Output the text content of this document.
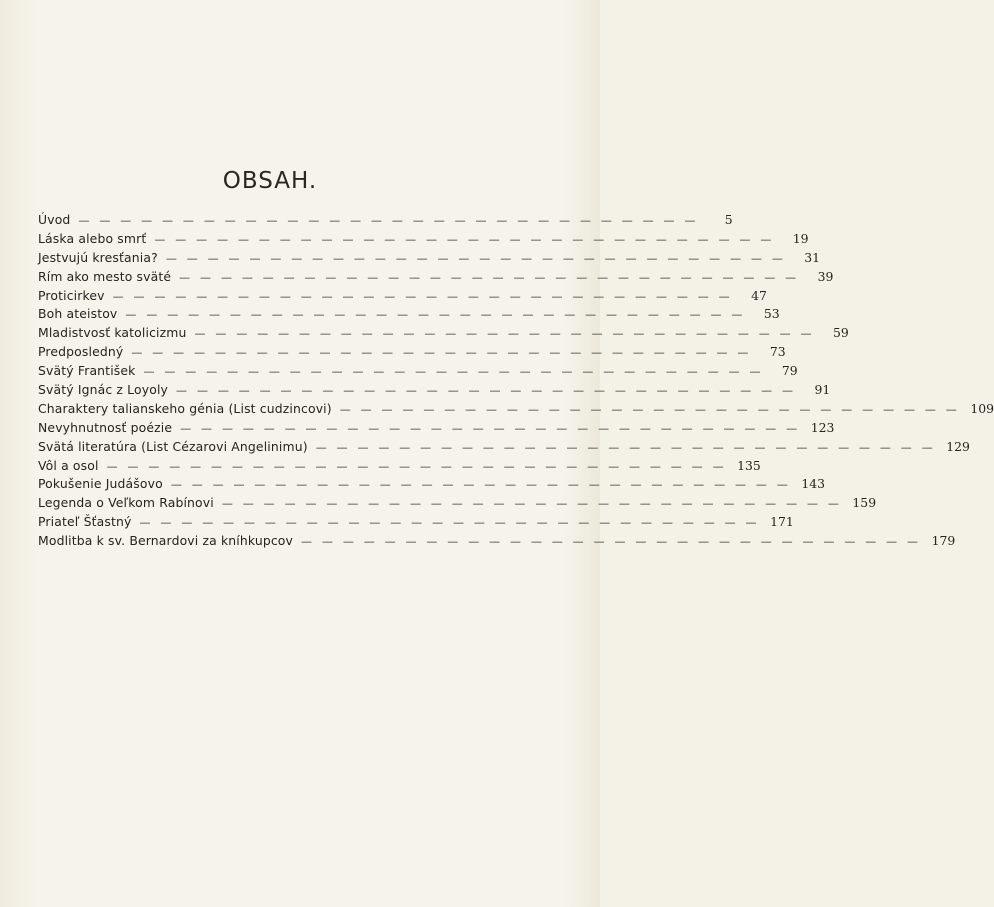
OBSAH.
Úvod — — — — — — — — — — — — — — — — — — — — — — — — — — — — — —	5
Láska alebo smrť — — — — — — — — — — — — — — — — — — — — — — — — — — — — — —	19
Jestvujú kresťania? — — — — — — — — — — — — — — — — — — — — — — — — — — — — — —	31
Rím ako mesto sväté — — — — — — — — — — — — — — — — — — — — — — — — — — — — — —	39
Proticirkev — — — — — — — — — — — — — — — — — — — — — — — — — — — — — —	47
Boh ateistov — — — — — — — — — — — — — — — — — — — — — — — — — — — — — —	53
Mladistvosť katolicizmu — — — — — — — — — — — — — — — — — — — — — — — — — — — — — —	59
Predposledný — — — — — — — — — — — — — — — — — — — — — — — — — — — — — —	73
Svätý František — — — — — — — — — — — — — — — — — — — — — — — — — — — — — —	79
Svätý Ignác z Loyoly — — — — — — — — — — — — — — — — — — — — — — — — — — — — — —	91
Charaktery talianskeho génia (List cudzincovi) — — — — — — — — — — — — — — — — — — — — — — — — — — — — — — 109
Nevyhnutnosť poézie — — — — — — — — — — — — — — — — — — — — — — — — — — — — — — 123
Svätá literatúra (List Cézarovi Angelinimu) — — — — — — — — — — — — — — — — — — — — — — — — — — — — — — 129
Vôl a osol — — — — — — — — — — — — — — — — — — — — — — — — — — — — — — 135
Pokušenie Judášovo — — — — — — — — — — — — — — — — — — — — — — — — — — — — — — 143
Legenda o Veľkom Rabínovi — — — — — — — — — — — — — — — — — — — — — — — — — — — — — — 159
Priateľ Šťastný — — — — — — — — — — — — — — — — — — — — — — — — — — — — — — 171
Modlitba k sv. Bernardovi za kníhkupcov — — — — — — — — — — — — — — — — — — — — — — — — — — — — — — 179
